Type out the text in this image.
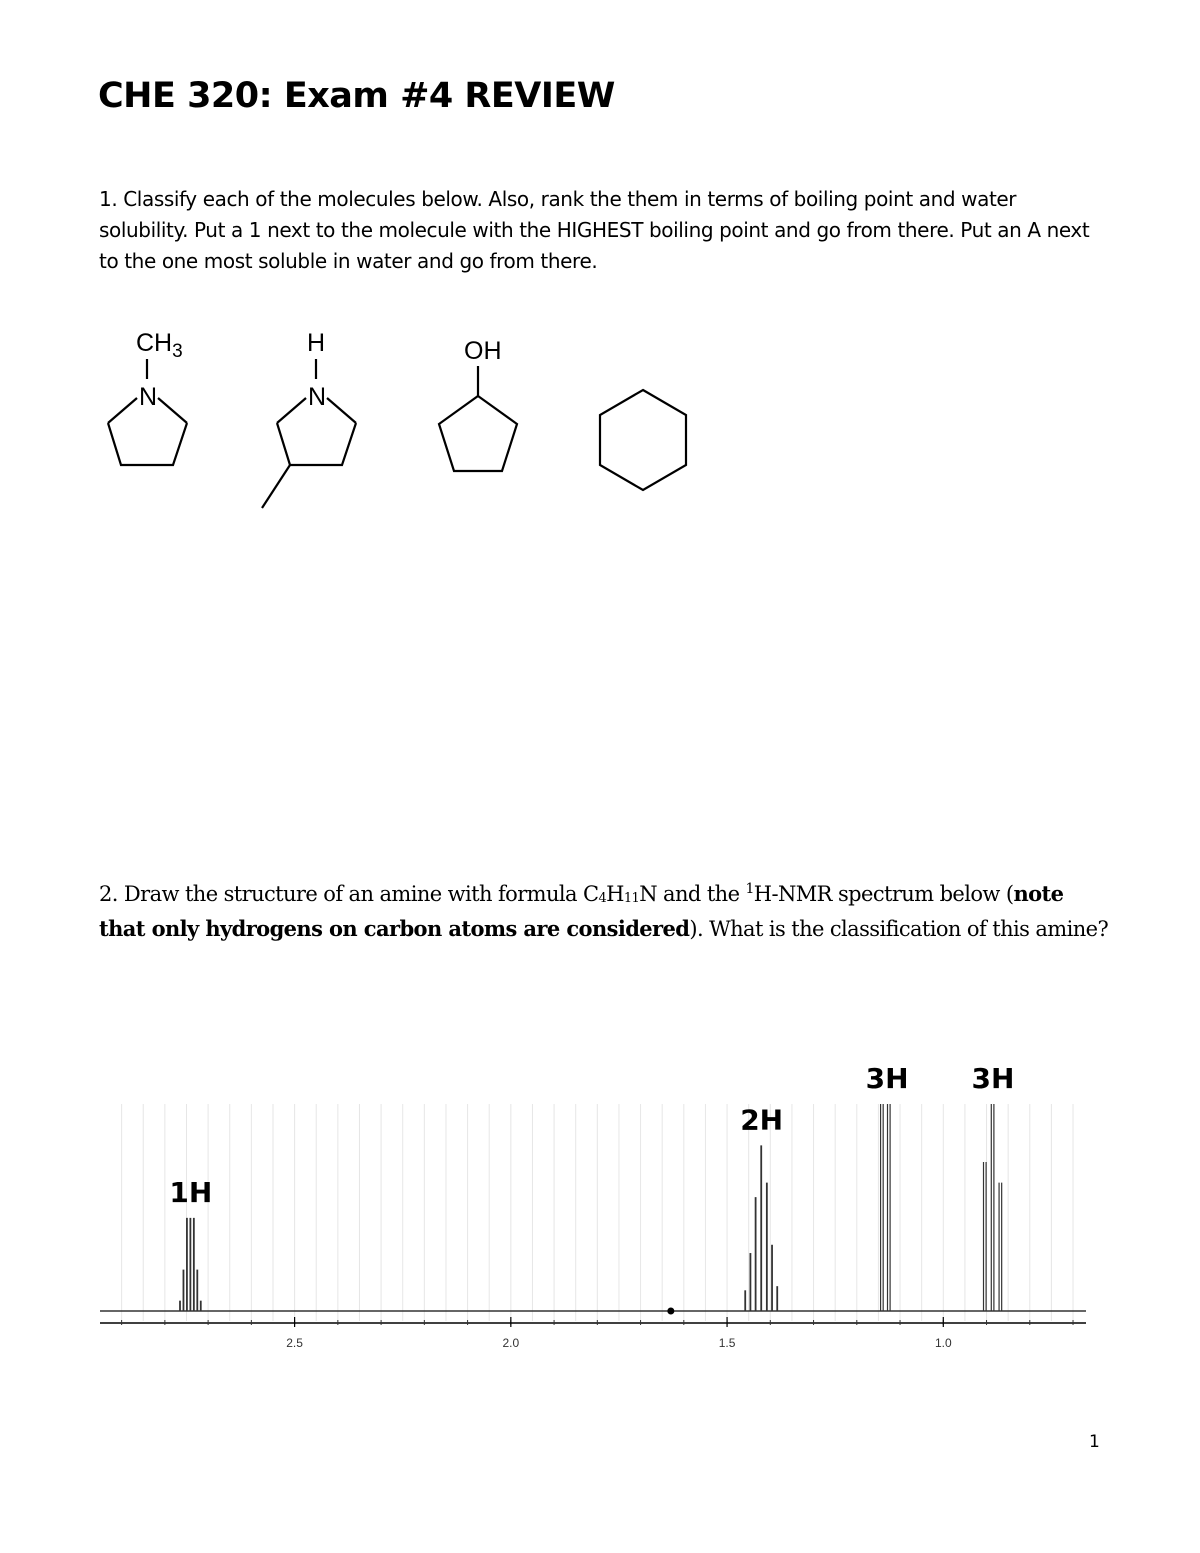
CHE 320: Exam #4 REVIEW
1. Classify each of the molecules below. Also, rank the them in terms of boiling point and water solubility. Put a 1 next to the molecule with the HIGHEST boiling point and go from there. Put an A next to the one most soluble in water and go from there.
$CH_3$
N
H
N
OH
2. Draw the structure of an amine with formula C4H11N and the $^1$H-NMR spectrum below (note that only hydrogens on carbon atoms are considered). What is the classification of this amine?
2.5	2.0	1.5	1.0
1H
2H
3H 3H
1
